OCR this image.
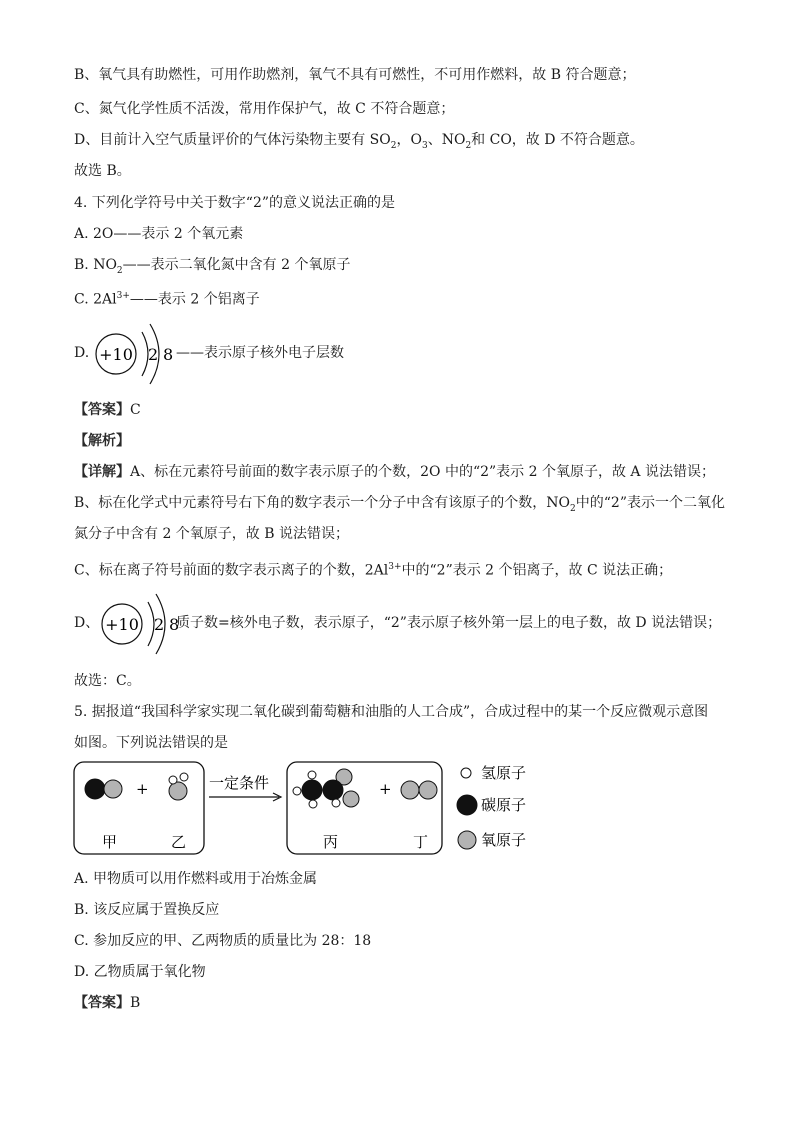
B、氧气具有助燃性，可用作助燃剂，氧气不具有可燃性，不可用作燃料，故 B 符合题意；
C、氮气化学性质不活泼，常用作保护气，故 C 不符合题意；
D、目前计入空气质量评价的气体污染物主要有 $SO_2$，$O_3$、$NO_2$和 CO，故 D 不符合题意。
故选 B。
4. 下列化学符号中关于数字“2”的意义说法正确的是
A. 2O——表示 2 个氧元素
B. $NO_2——$表示二氧化氮中含有 2 个氧原子
C. $2Al^{3+}——$表示 2 个铝离子
D. +10 2 8 ——表示原子核外电子层数
【答案】C
【解析】
【详解】A、标在元素符号前面的数字表示原子的个数，2O 中的“2”表示 2 个氧原子，故 A 说法错误；
B、标在化学式中元素符号右下角的数字表示一个分子中含有该原子的个数，$NO_2$中的“2”表示一个二氧化
氮分子中含有 2 个氧原子，故 B 说法错误；
C、标在离子符号前面的数字表示离子的个数，$2Al^{3+}$中的“2”表示 2 个铝离子，故 C 说法正确；
D、 +10 2 8
质子数=核外电子数，表示原子，“2”表示原子核外第一层上的电子数，故 D 说法错误；
故选：C。
5. 据报道“我国科学家实现二氧化碳到葡萄糖和油脂的人工合成”，合成过程中的某一个反应微观示意图
如图。下列说法错误的是
+
甲	乙
一定条件	+
丙	丁
氢原子
碳原子
氧原子
A. 甲物质可以用作燃料或用于冶炼金属
B. 该反应属于置换反应
C. 参加反应的甲、乙两物质的质量比为 28：18
D. 乙物质属于氧化物
【答案】B
